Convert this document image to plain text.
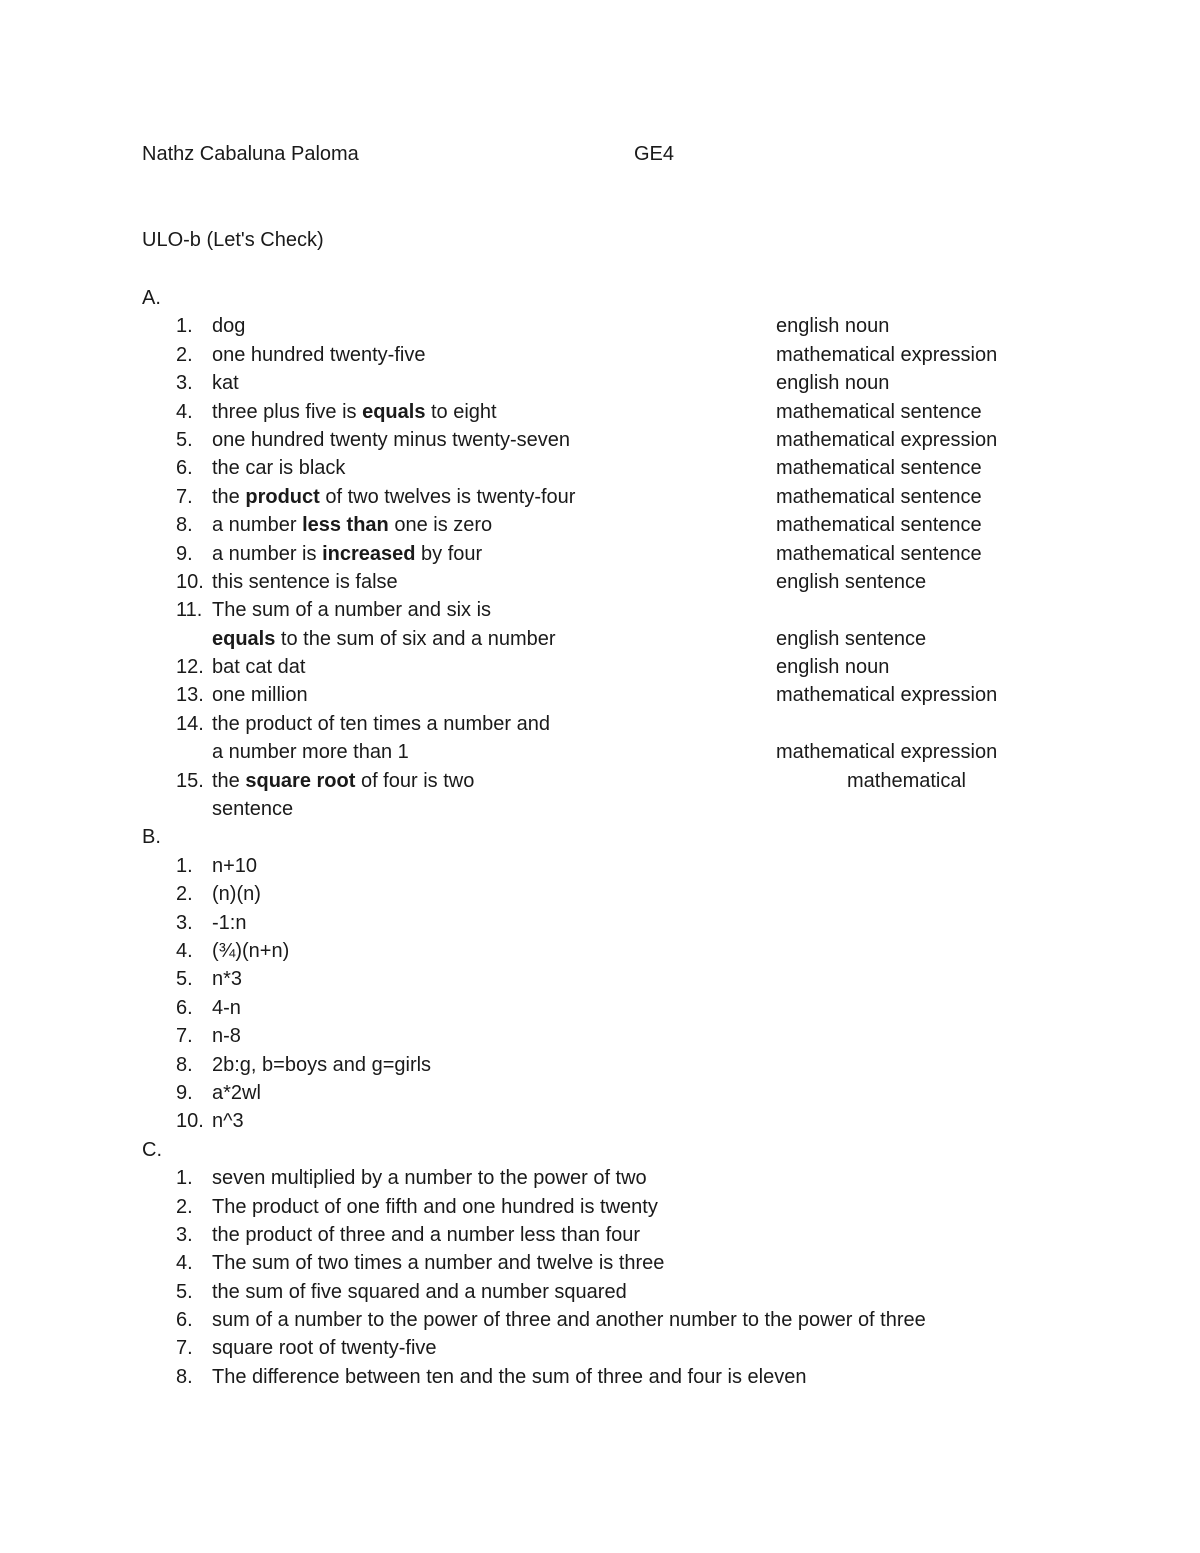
Nathz Cabaluna Paloma	GE4
ULO-b (Let's Check)
A.
1. dog	english noun
2. one hundred twenty-five	mathematical expression
3. kat	english noun
4. three plus five is equals to eight	mathematical sentence
5. one hundred twenty minus twenty-seven	mathematical expression
6. the car is black	mathematical sentence
7. the product of two twelves is twenty-four	mathematical sentence
8. a number less than one is zero	mathematical sentence
9. a number is increased by four	mathematical sentence
10. this sentence is false	english sentence
11. The sum of a number and six is
equals to the sum of six and a number	english sentence
12. bat cat dat	english noun
13. one million	mathematical expression
14. the product of ten times a number and
a number more than 1	mathematical expression
15. the square root of four is two	mathematical
sentence
B.
1. n+10
2. (n)(n)
3. -1:n
4. (¾)(n+n)
5. n*3
6. 4-n
7. n-8
8. 2b:g, b=boys and g=girls
9. a*2wl
10. n^3
C.
1. seven multiplied by a number to the power of two
2. The product of one fifth and one hundred is twenty
3. the product of three and a number less than four
4. The sum of two times a number and twelve is three
5. the sum of five squared and a number squared
6. sum of a number to the power of three and another number to the power of three
7. square root of twenty-five
8. The difference between ten and the sum of three and four is eleven
